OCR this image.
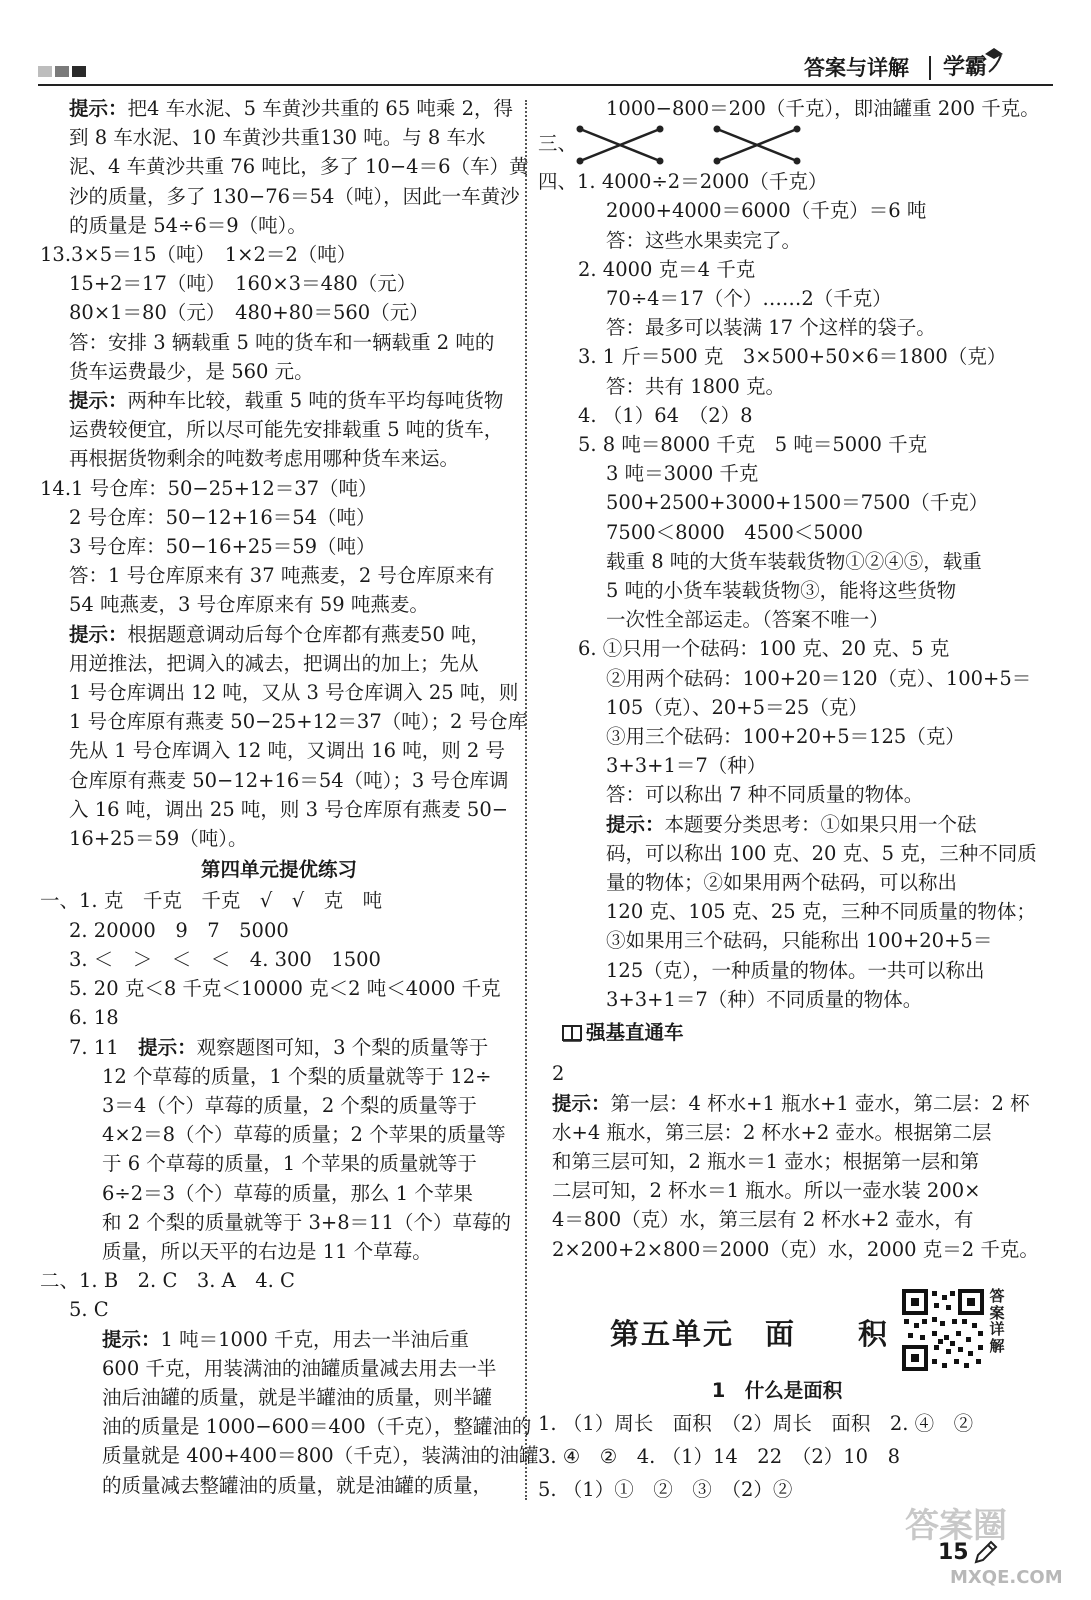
答案与详解 学霸
提示：把4 车水泥、5 车黄沙共重的 65 吨乘 2，得
到 8 车水泥、10 车黄沙共重130 吨。与 8 车水
泥、4 车黄沙共重 76 吨比，多了 10−4＝6（车）黄
沙的质量，多了 130−76＝54（吨），因此一车黄沙
的质量是 54÷6＝9（吨）。
13.3×5＝15（吨）　1×2＝2（吨）
15+2＝17（吨）　160×3＝480（元）
80×1＝80（元）　480+80＝560（元）
答：安排 3 辆载重 5 吨的货车和一辆载重 2 吨的
货车运费最少，是 560 元。
提示：两种车比较，载重 5 吨的货车平均每吨货物
运费较便宜，所以尽可能先安排载重 5 吨的货车，
再根据货物剩余的吨数考虑用哪种货车来运。
14.1 号仓库：50−25+12＝37（吨）
2 号仓库：50−12+16＝54（吨）
3 号仓库：50−16+25＝59（吨）
答：1 号仓库原来有 37 吨燕麦，2 号仓库原来有
54 吨燕麦，3 号仓库原来有 59 吨燕麦。
提示：根据题意调动后每个仓库都有燕麦50 吨，
用逆推法，把调入的减去，把调出的加上；先从
1 号仓库调出 12 吨，又从 3 号仓库调入 25 吨，则
1 号仓库原有燕麦 50−25+12＝37（吨）；2 号仓库
先从 1 号仓库调入 12 吨，又调出 16 吨，则 2 号
仓库原有燕麦 50−12+16＝54（吨）；3 号仓库调
入 16 吨，调出 25 吨，则 3 号仓库原有燕麦 50−
16+25＝59（吨）。
第四单元提优练习
一、1. 克　千克　千克　√　√　克　吨
2. 20000　9　7　5000
3. ＜　＞　＜　＜　4. 300　1500
5. 20 克＜8 千克＜10000 克＜2 吨＜4000 千克
6. 18
7. 11　 提示：观察题图可知，3 个梨的质量等于
12 个草莓的质量，1 个梨的质量就等于 12÷
3＝4（个）草莓的质量，2 个梨的质量等于
4×2＝8（个）草莓的质量；2 个苹果的质量等
于 6 个草莓的质量，1 个苹果的质量就等于
6÷2＝3（个）草莓的质量，那么 1 个苹果
和 2 个梨的质量就等于 3+8＝11（个）草莓的
质量，所以天平的右边是 11 个草莓。
二、1. B　2. C　3. A　4. C
5. C
提示：1 吨＝1000 千克，用去一半油后重
600 千克，用装满油的油罐质量减去用去一半
油后油罐的质量，就是半罐油的质量，则半罐
油的质量是 1000−600＝400（千克），整罐油的
质量就是 400+400＝800（千克），装满油的油罐
的质量减去整罐油的质量，就是油罐的质量，
1000−800＝200（千克），即油罐重 200 千克。
三、
四、1. 4000÷2＝2000（千克）
2000+4000＝6000（千克）＝6 吨
答：这些水果卖完了。
2. 4000 克＝4 千克
70÷4＝17（个）……2（千克）
答：最多可以装满 17 个这样的袋子。
3. 1 斤＝500 克　3×500+50×6＝1800（克）
答：共有 1800 克。
4. （1）64　（2）8
5. 8 吨＝8000 千克　5 吨＝5000 千克
3 吨＝3000 千克
500+2500+3000+1500＝7500（千克）
7500＜8000　4500＜5000
载重 8 吨的大货车装载货物①②④⑤，载重
5 吨的小货车装载货物③，能将这些货物
一次性全部运走。（答案不唯一）
6. ①只用一个砝码：100 克、20 克、5 克
②用两个砝码：100+20＝120（克）、100+5＝
105（克）、20+5＝25（克）
③用三个砝码：100+20+5＝125（克）
3+3+1＝7（种）
答：可以称出 7 种不同质量的物体。
提示：本题要分类思考：①如果只用一个砝
码，可以称出 100 克、20 克、5 克，三种不同质
量的物体；②如果用两个砝码，可以称出
120 克、105 克、25 克，三种不同质量的物体；
③如果用三个砝码，只能称出 100+20+5＝
125（克），一种质量的物体。一共可以称出
3+3+1＝7（种）不同质量的物体。
强基直通车
2
提示：第一层：4 杯水+1 瓶水+1 壶水，第二层：2 杯
水+4 瓶水，第三层：2 杯水+2 壶水。根据第二层
和第三层可知，2 瓶水＝1 壶水；根据第一层和第
二层可知，2 杯水＝1 瓶水。所以一壶水装 200×
4＝800（克）水，第三层有 2 杯水+2 壶水，有
2×200+2×800＝2000（克）水，2000 克＝2 千克。
第五单元　面　　积
答案详解
1　什么是面积
1. （1）周长　面积　（2）周长　面积　2. ④　②
3. ④　②　4. （1）14　22　（2）10　8
5. （1）①　②　③　（2）②
答案圈
MXQE.COM
15
